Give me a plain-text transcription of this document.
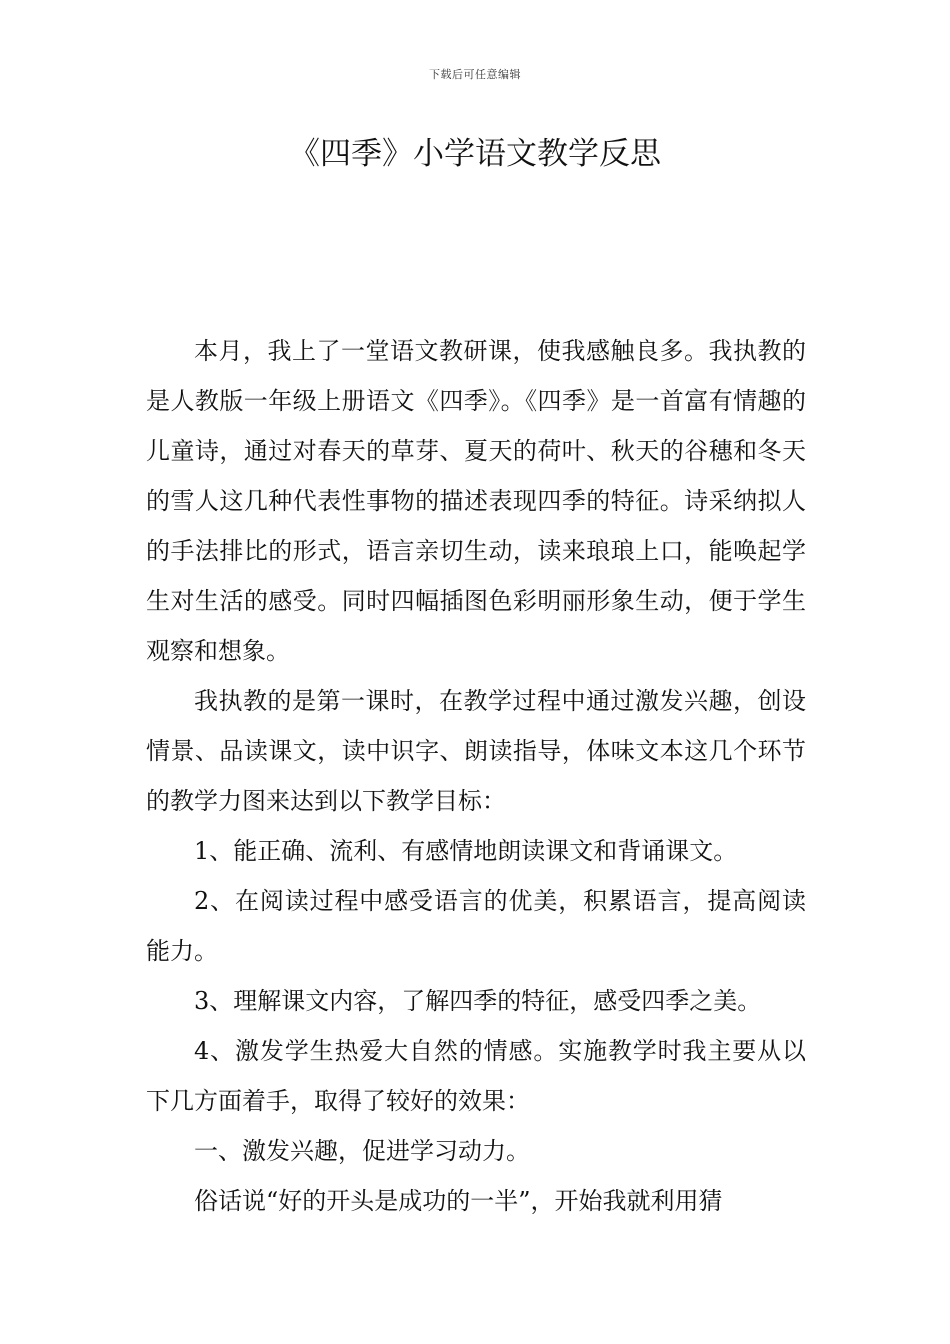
下载后可任意编辑
《四季》小学语文教学反思

本月，我上了一堂语文教研课，使我感触良多。我执教的是人教版一年级上册语文《四季》。《四季》是一首富有情趣的儿童诗，通过对春天的草芽、夏天的荷叶、秋天的谷穗和冬天的雪人这几种代表性事物的描述表现四季的特征。诗采纳拟人的手法排比的形式，语言亲切生动，读来琅琅上口，能唤起学生对生活的感受。同时四幅插图色彩明丽形象生动，便于学生观察和想象。

我执教的是第一课时，在教学过程中通过激发兴趣，创设情景、品读课文，读中识字、朗读指导，体味文本这几个环节的教学力图来达到以下教学目标：

1、能正确、流利、有感情地朗读课文和背诵课文。

2、在阅读过程中感受语言的优美，积累语言，提高阅读能力。

3、理解课文内容，了解四季的特征，感受四季之美。

4、激发学生热爱大自然的情感。实施教学时我主要从以下几方面着手，取得了较好的效果：

一、激发兴趣，促进学习动力。

俗话说“好的开头是成功的一半”，开始我就利用猜
